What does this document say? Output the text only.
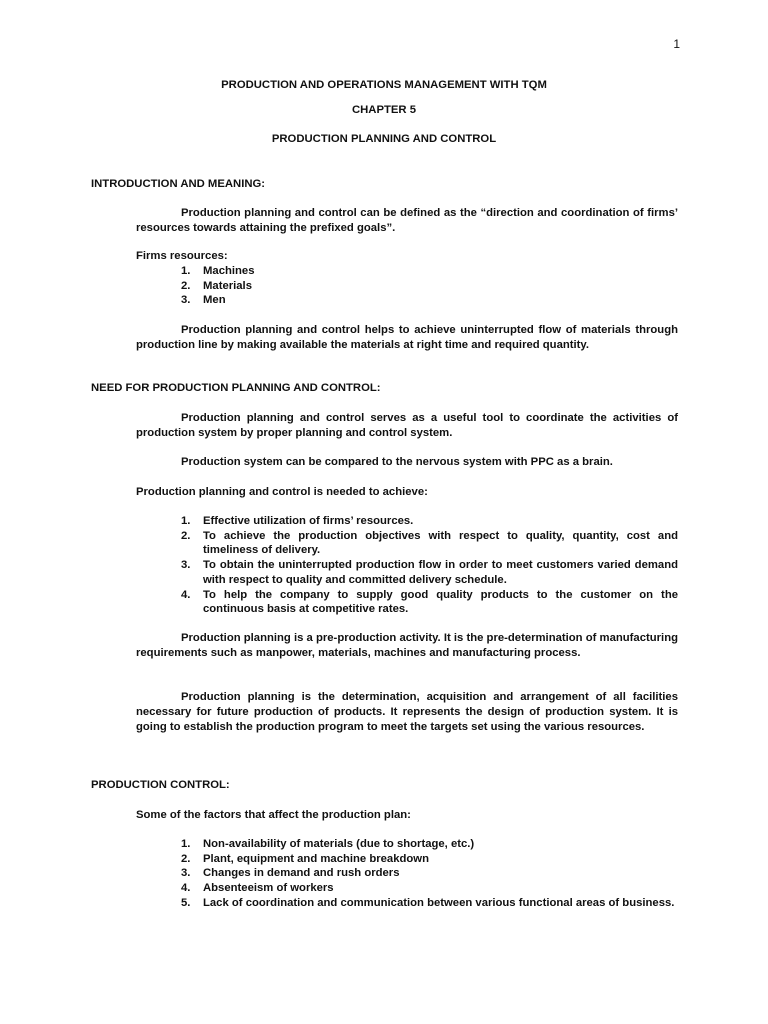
1
PRODUCTION AND OPERATIONS MANAGEMENT WITH TQM
CHAPTER 5
PRODUCTION PLANNING AND CONTROL
INTRODUCTION AND MEANING:
Production planning and control can be defined as the “direction and coordination of firms’ resources towards attaining the prefixed goals”.
Firms resources:
1. Machines
2. Materials
3. Men
Production planning and control helps to achieve uninterrupted flow of materials through production line by making available the materials at right time and required quantity.
NEED FOR PRODUCTION PLANNING AND CONTROL:
Production planning and control serves as a useful tool to coordinate the activities of production system by proper planning and control system.
Production system can be compared to the nervous system with PPC as a brain.
Production planning and control is needed to achieve:
1. Effective utilization of firms’ resources.
2. To achieve the production objectives with respect to quality, quantity, cost and timeliness of delivery.
3. To obtain the uninterrupted production flow in order to meet customers varied demand with respect to quality and committed delivery schedule.
4. To help the company to supply good quality products to the customer on the continuous basis at competitive rates.
Production planning is a pre-production activity. It is the pre-determination of manufacturing requirements such as manpower, materials, machines and manufacturing process.
Production planning is the determination, acquisition and arrangement of all facilities necessary for future production of products. It represents the design of production system. It is going to establish the production program to meet the targets set using the various resources.
PRODUCTION CONTROL:
Some of the factors that affect the production plan:
1. Non-availability of materials (due to shortage, etc.)
2. Plant, equipment and machine breakdown
3. Changes in demand and rush orders
4. Absenteeism of workers
5. Lack of coordination and communication between various functional areas of business.
